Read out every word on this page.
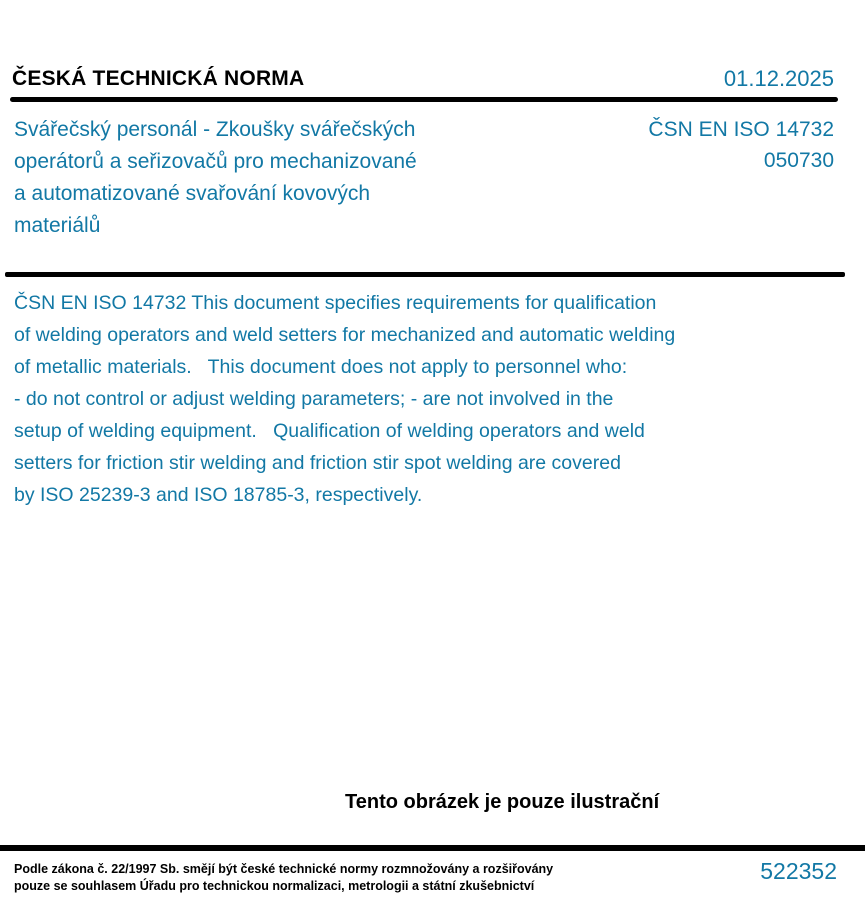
ČESKÁ TECHNICKÁ NORMA	01.12.2025
Svářečský personál - Zkoušky svářečských
operátorů a seřizovačů pro mechanizované
a automatizované svařování kovových
materiálů
ČSN EN ISO 14732
050730
ČSN EN ISO 14732 This document specifies requirements for qualification
of welding operators and weld setters for mechanized and automatic welding
of metallic materials.   This document does not apply to personnel who:
- do not control or adjust welding parameters; - are not involved in the
setup of welding equipment.   Qualification of welding operators and weld
setters for friction stir welding and friction stir spot welding are covered
by ISO 25239-3 and ISO 18785-3, respectively.
Tento obrázek je pouze ilustrační
Podle zákona č. 22/1997 Sb. smějí být české technické normy rozmnožovány a rozšiřovány
pouze se souhlasem Úřadu pro technickou normalizaci, metrologii a státní zkušebnictví
522352
